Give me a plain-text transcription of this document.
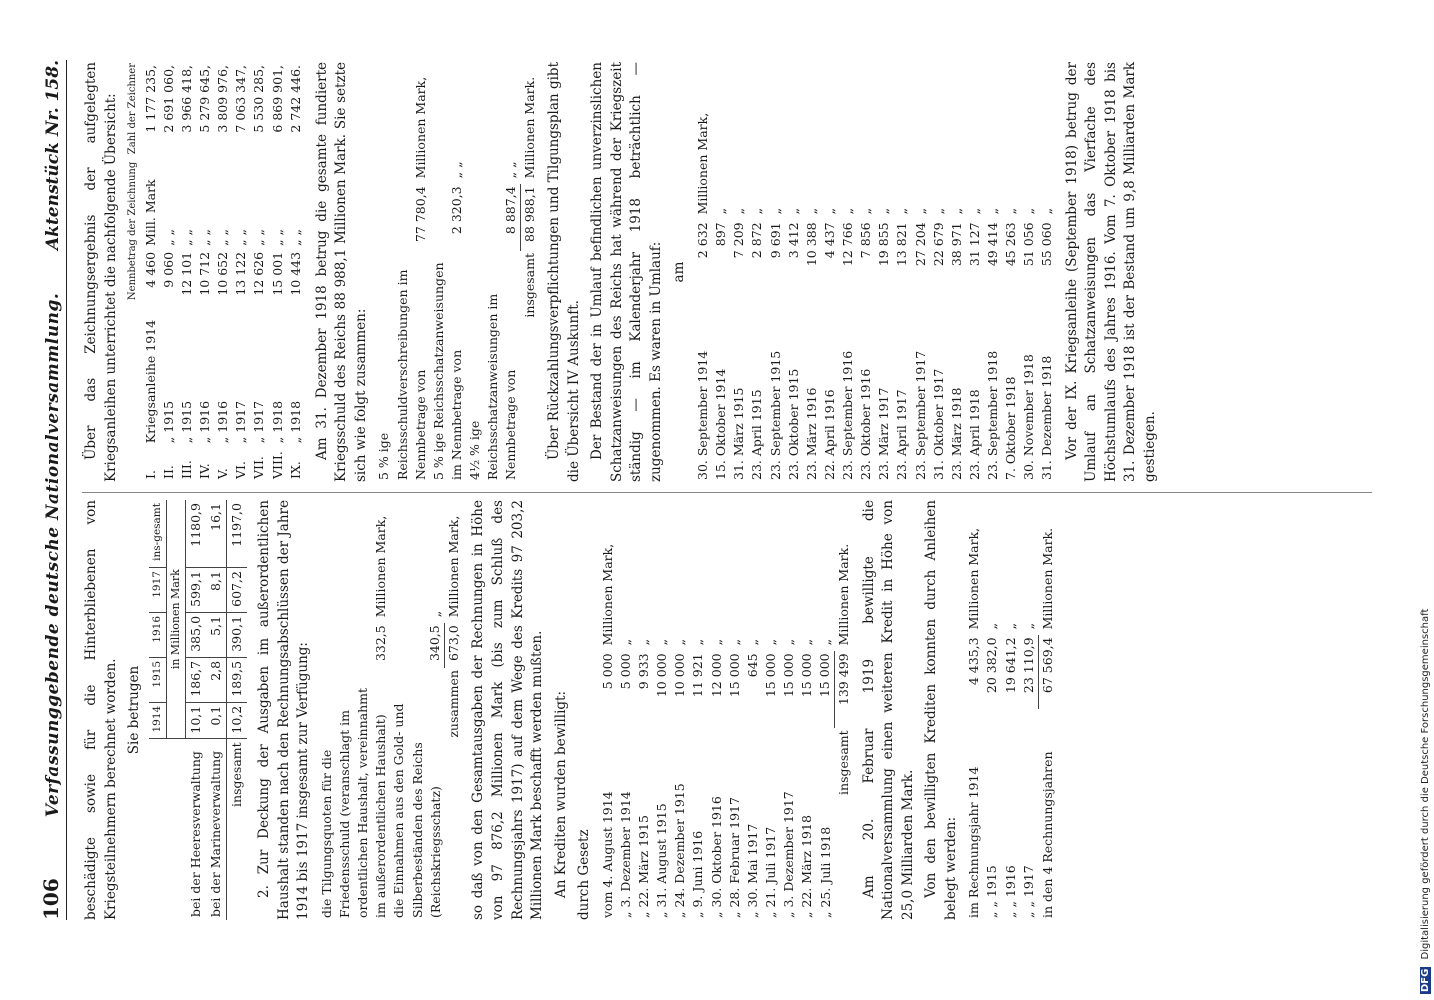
106
Verfassunggebende deutsche Nationalversammlung.
Aktenstück Nr. 158.

beschädigte sowie für die Hinterbliebenen von Kriegsteilnehmern berechnet worden. Sie betrugen

	1914	1915	1916	1917	ins-gesamt
	in Millionen Mark				
bei der Heeresverwaltung	10,1	186,7	385,0	599,1	1180,9
bei der Marineverwaltung	0,1	2,8	5,1	8,1	16,1
insgesamt	10,2	189,5	390,1	607,2	1197,0 2. Zur Deckung der Ausgaben im außerordentlichen Haushalt standen nach den Rechnungsabschlüssen der Jahre 1914 bis 1917 insgesamt zur Verfügung: die Tilgungsquoten für die Friedensschuld (veranschlagt im ordentlichen Haushalt, vereinnahmt im außerordentlichen Haushalt)	332,5	Millionen Mark,
die Einnahmen aus den Gold- und Silberbeständen des Reichs (Reichskriegsschatz)	340,5	„
zusammen	673,0	Millionen Mark, so daß von den Gesamtausgaben der Rechnungen in Höhe von 97 876,2 Millionen Mark (bis zum Schluß des Rechnungsjahrs 1917) auf dem Wege des Kredits 97 203,2 Millionen Mark beschafft werden mußten. An Krediten wurden bewilligt: durch Gesetz vom 4. August 1914	5 000	Millionen Mark,
„ 3. Dezember 1914	5 000	„
„ 22. März 1915	9 933	„
„ 31. August 1915	10 000	„
„ 24. Dezember 1915	10 000	„
„ 9. Juni 1916	11 921	„
„ 30. Oktober 1916	12 000	„
„ 28. Februar 1917	15 000	„
„ 30. Mai 1917	645	„
„ 21. Juli 1917	15 000	„
„ 3. Dezember 1917	15 000	„
„ 22. März 1918	15 000	„
„ 25. Juli 1918	15 000	„
insgesamt	139 499	Millionen Mark. Am 20. Februar 1919 bewilligte die Nationalversammlung einen weiteren Kredit in Höhe von 25,0 Milliarden Mark. Von den bewilligten Krediten konnten durch Anleihen belegt werden: im Rechnungsjahr 1914	4 435,3	Millionen Mark,
„ „ 1915	20 382,0	„
„ „ 1916	19 641,2	„
„ „ 1917	23 110,9	„
in den 4 Rechnungsjahren	67 569,4	Millionen Mark.

Über das Zeichnungsergebnis der aufgelegten Kriegsanleihen unterrichtet die nachfolgende Übersicht:

		Nennbetrag der Zeichnung		Zahl der Zeichner
I.	Kriegsanleihe 1914	4 460	Mill. Mark	1 177 235,
II.	„ 1915	9 060	„ „	2 691 060,
III.	„ 1915	12 101	„ „	3 966 418,
IV.	„ 1916	10 712	„ „	5 279 645,
V.	„ 1916	10 652	„ „	3 809 976,
VI.	„ 1917	13 122	„ „	7 063 347,
VII.	„ 1917	12 626	„ „	5 530 285,
VIII.	„ 1918	15 001	„ „	6 869 901,
IX.	„ 1918	10 443	„ „	2 742 446. Am 31. Dezember 1918 betrug die gesamte fundierte Kriegsschuld des Reichs 88 988,1 Millionen Mark. Sie setzte sich wie folgt zusammen: 5 % ige Reichsschuldverschreibungen im Nennbetrage von	77 780,4	Millionen Mark,
5 % ige Reichsschatzanweisungen im Nennbetrage von	2 320,3	„ „
4½ % ige Reichsschatzanweisungen im Nennbetrage von	8 887,4	„ „
insgesamt	88 988,1	Millionen Mark. Über Rückzahlungsverpflichtungen und Tilgungsplan gibt die Übersicht IV Auskunft. Der Bestand der in Umlauf befindlichen unverzinslichen Schatzanweisungen des Reichs hat während der Kriegszeit ständig — im Kalenderjahr 1918 beträchtlich — zugenommen. Es waren in Umlauf: am

30. September 1914	2 632	Millionen Mark,
15. Oktober 1914	897	„
31. März 1915	7 209	„
23. April 1915	2 872	„
23. September 1915	9 691	„
23. Oktober 1915	3 412	„
23. März 1916	10 388	„
22. April 1916	4 437	„
23. September 1916	12 766	„
23. Oktober 1916	7 856	„
23. März 1917	19 855	„
23. April 1917	13 821	„
23. September 1917	27 204	„
31. Oktober 1917	22 679	„
23. März 1918	38 971	„
23. April 1918	31 127	„
23. September 1918	49 414	„
7. Oktober 1918	45 263	„
30. November 1918	51 056	„
31. Dezember 1918	55 060	„ Vor der IX. Kriegsanleihe (September 1918) betrug der Umlauf an Schatzanweisungen das Vierfache des Höchstumlaufs des Jahres 1916. Vom 7. Oktober 1918 bis 31. Dezember 1918 ist der Bestand um 9,8 Milliarden Mark gestiegen.

DFG Digitalisierung gefördert durch die Deutsche Forschungsgemeinschaft
